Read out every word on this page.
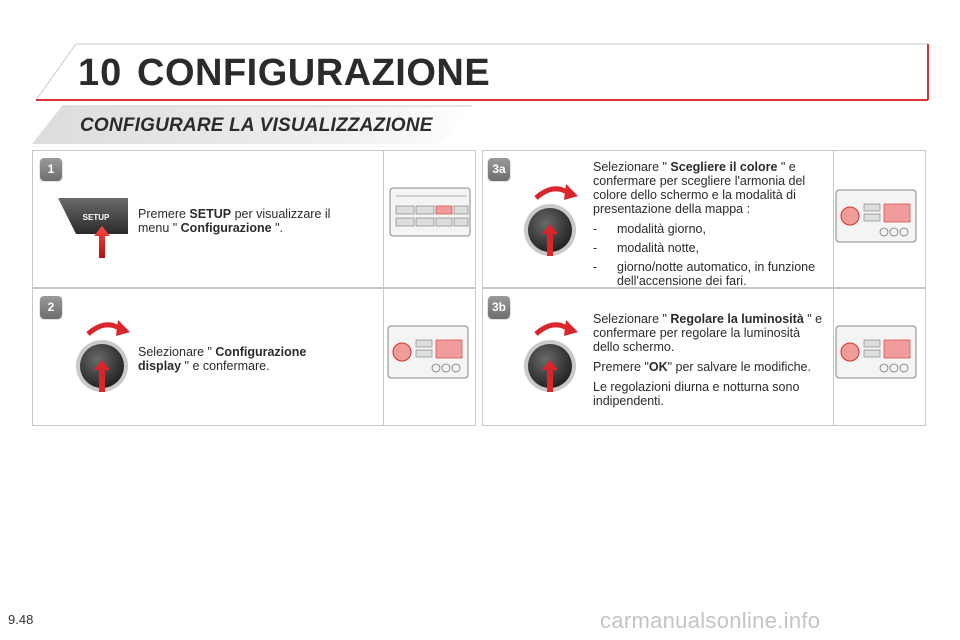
10 CONFIGURAZIONE
CONFIGURARE LA VISUALIZZAZIONE
1
SETUP Premere SETUP per visualizzare il menu " Configurazione ".

2

Selezionare " Configurazione display " e confermare.

3a	Selezionare " Scegliere il colore " e confermare per scegliere l'armonia del colore dello schermo e la modalità di presentazione della mappa :

- modalità giorno,
- modalità notte,
- giorno/notte automatico, in funzione dell'accensione dei fari.
3b

Selezionare " Regolare la luminosità " e confermare per regolare la luminosità dello schermo.

Premere "OK" per salvare le modifiche.

Le regolazioni diurna e notturna sono indipendenti.

9.48	carmanualsonline.info
